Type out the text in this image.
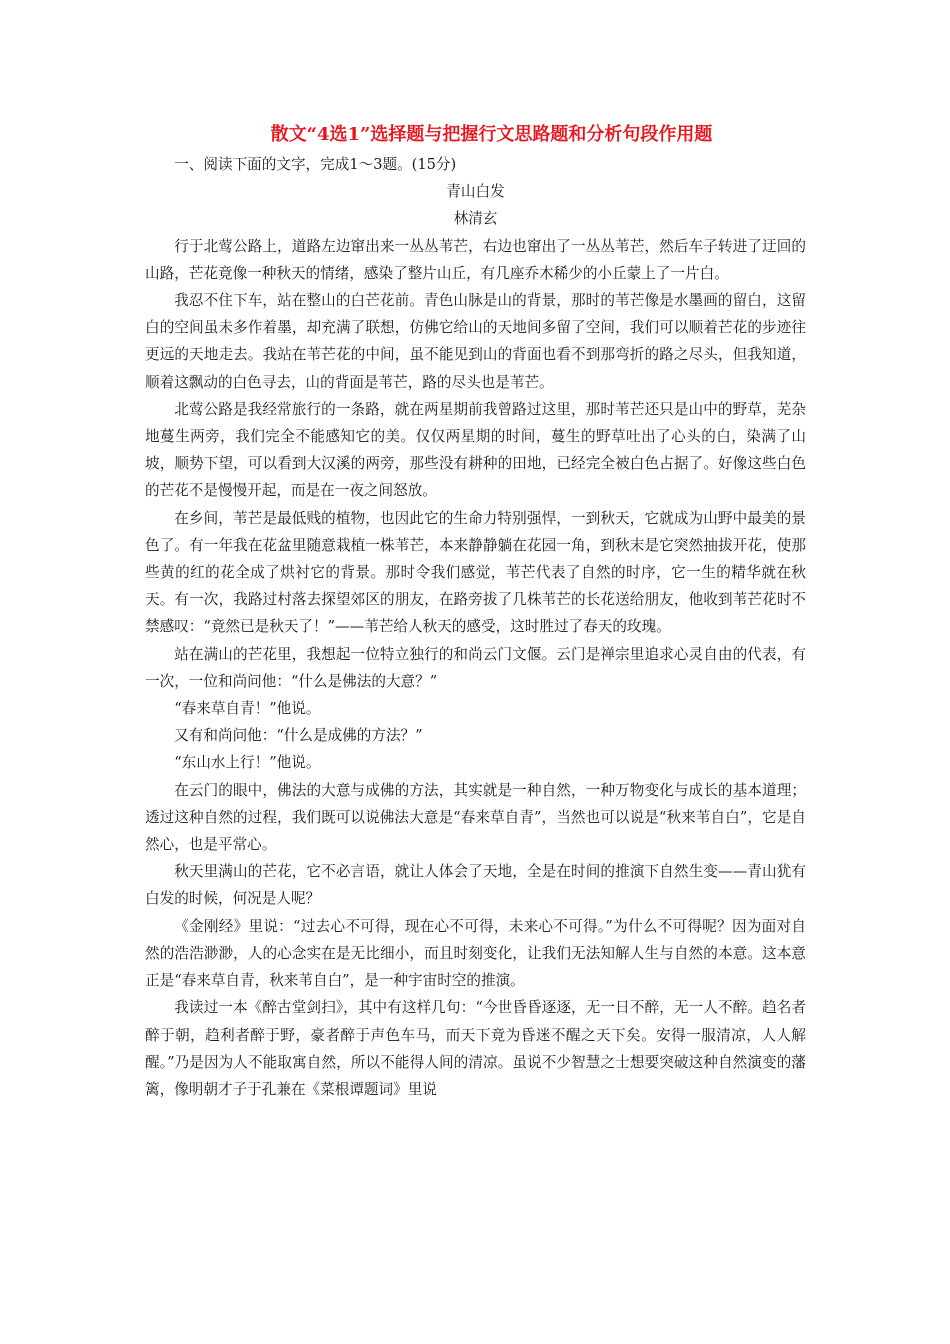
散文“4选1”选择题与把握行文思路题和分析句段作用题

一、阅读下面的文字，完成1～3题。(15分)

青山白发

林清玄

行于北莺公路上，道路左边窜出来一丛丛苇芒，右边也窜出了一丛丛苇芒，然后车子转进了迂回的山路，芒花竟像一种秋天的情绪，感染了整片山丘，有几座乔木稀少的小丘蒙上了一片白。

我忍不住下车，站在整山的白芒花前。青色山脉是山的背景，那时的苇芒像是水墨画的留白，这留白的空间虽未多作着墨，却充满了联想，仿佛它给山的天地间多留了空间，我们可以顺着芒花的步迹往更远的天地走去。我站在苇芒花的中间，虽不能见到山的背面也看不到那弯折的路之尽头，但我知道，顺着这飘动的白色寻去，山的背面是苇芒，路的尽头也是苇芒。

北莺公路是我经常旅行的一条路，就在两星期前我曾路过这里，那时苇芒还只是山中的野草，芜杂地蔓生两旁，我们完全不能感知它的美。仅仅两星期的时间，蔓生的野草吐出了心头的白，染满了山坡，顺势下望，可以看到大汉溪的两旁，那些没有耕种的田地，已经完全被白色占据了。好像这些白色的芒花不是慢慢开起，而是在一夜之间怒放。

在乡间，苇芒是最低贱的植物，也因此它的生命力特别强悍，一到秋天，它就成为山野中最美的景色了。有一年我在花盆里随意栽植一株苇芒，本来静静躺在花园一角，到秋末是它突然抽拔开花，使那些黄的红的花全成了烘衬它的背景。那时令我们感觉，苇芒代表了自然的时序，它一生的精华就在秋天。有一次，我路过村落去探望郊区的朋友，在路旁拔了几株苇芒的长花送给朋友，他收到苇芒花时不禁感叹：“竟然已是秋天了！”——苇芒给人秋天的感受，这时胜过了春天的玫瑰。

站在满山的芒花里，我想起一位特立独行的和尚云门文偃。云门是禅宗里追求心灵自由的代表，有一次，一位和尚问他：“什么是佛法的大意？”

“春来草自青！”他说。

又有和尚问他：“什么是成佛的方法？”

“东山水上行！”他说。

在云门的眼中，佛法的大意与成佛的方法，其实就是一种自然，一种万物变化与成长的基本道理；透过这种自然的过程，我们既可以说佛法大意是“春来草自青”，当然也可以说是“秋来苇自白”，它是自然心，也是平常心。

秋天里满山的芒花，它不必言语，就让人体会了天地，全是在时间的推演下自然生变——青山犹有白发的时候，何况是人呢？

《金刚经》里说：“过去心不可得，现在心不可得，未来心不可得。”为什么不可得呢？因为面对自然的浩浩渺渺，人的心念实在是无比细小，而且时刻变化，让我们无法知解人生与自然的本意。这本意正是“春来草自青，秋来苇自白”，是一种宇宙时空的推演。

我读过一本《醉古堂剑扫》，其中有这样几句：“今世昏昏逐逐，无一日不醉，无一人不醉。趋名者醉于朝，趋利者醉于野，豪者醉于声色车马，而天下竟为昏迷不醒之天下矣。安得一服清凉，人人解醒。”乃是因为人不能取寓自然，所以不能得人间的清凉。虽说不少智慧之士想要突破这种自然演变的藩篱，像明朝才子于孔兼在《菜根谭题词》里说
